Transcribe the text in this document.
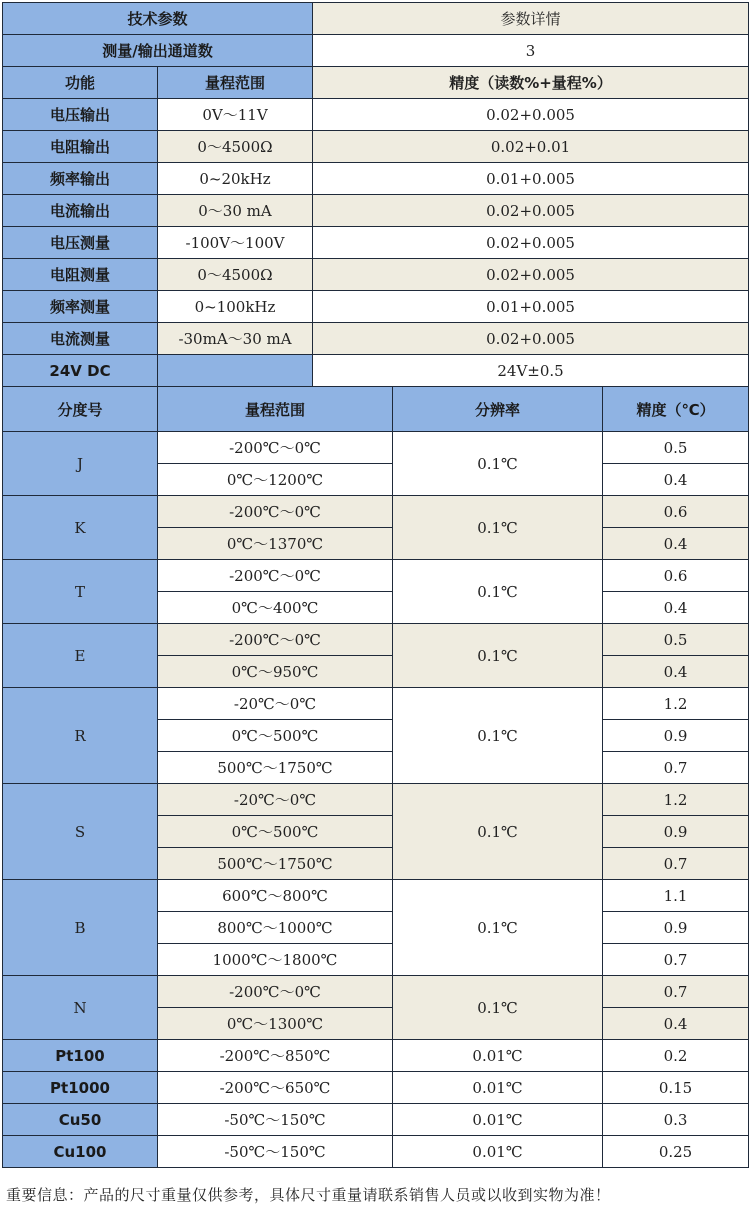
技术参数		参数详情		
测量/输出通道数		3		
功能	量程范围	精度（读数%+量程%）		
电压输出	0V～11V	0.02+0.005		
电阻输出	0～4500Ω	0.02+0.01		
频率输出	0~20kHz	0.01+0.005		
电流输出	0～30 mA	0.02+0.005		
电压测量	-100V～100V	0.02+0.005		
电阻测量	0～4500Ω	0.02+0.005		
频率测量	0~100kHz	0.01+0.005		
电流测量	-30mA～30 mA	0.02+0.005		
24V DC		24V±0.5		
分度号	量程范围		分辨率	精度（℃）
J	-200℃～0℃		0.1℃	0.5
	0℃～1200℃			0.4
K	-200℃～0℃		0.1℃	0.6
	0℃～1370℃			0.4
T	-200℃～0℃		0.1℃	0.6
	0℃～400℃			0.4
E	-200℃～0℃		0.1℃	0.5
	0℃～950℃			0.4
R	-20℃～0℃		0.1℃	1.2
	0℃～500℃			0.9
	500℃～1750℃			0.7
S	-20℃～0℃		0.1℃	1.2
	0℃～500℃			0.9
	500℃～1750℃			0.7
B	600℃～800℃		0.1℃	1.1
	800℃～1000℃			0.9
	1000℃～1800℃			0.7
N	-200℃～0℃		0.1℃	0.7
	0℃～1300℃			0.4
Pt100	-200℃～850℃		0.01℃	0.2
Pt1000	-200℃～650℃		0.01℃	0.15
Cu50	-50℃～150℃		0.01℃	0.3
Cu100	-50℃～150℃		0.01℃	0.25
重要信息：产品的尺寸重量仅供参考，具体尺寸重量请联系销售人员或以收到实物为准！
